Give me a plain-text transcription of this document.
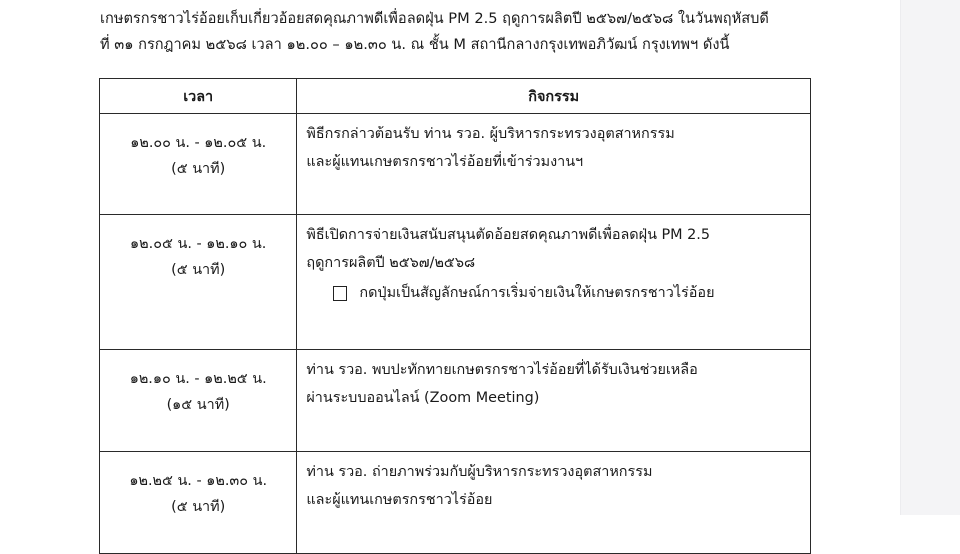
เกษตรกรชาวไร่อ้อยเก็บเกี่ยวอ้อยสดคุณภาพดีเพื่อลดฝุ่น PM 2.5 ฤดูการผลิตปี ๒๕๖๗/๒๕๖๘ ในวันพฤหัสบดี

ที่ ๓๑ กรกฎาคม ๒๕๖๘ เวลา ๑๒.๐๐ – ๑๒.๓๐ น. ณ ชั้น M สถานีกลางกรุงเทพอภิวัฒน์ กรุงเทพฯ ดังนี้

เวลา	กิจกรรม

๑๒.๐๐ น. - ๑๒.๐๕ น.
(๕ นาที)	พิธีกรกล่าวต้อนรับ ท่าน รวอ. ผู้บริหารกระทรวงอุตสาหกรรม
และผู้แทนเกษตรกรชาวไร่อ้อยที่เข้าร่วมงานฯ

๑๒.๐๕ น. - ๑๒.๑๐ น.
(๕ นาที)	พิธีเปิดการจ่ายเงินสนับสนุนตัดอ้อยสดคุณภาพดีเพื่อลดฝุ่น PM 2.5
ฤดูการผลิตปี ๒๕๖๗/๒๕๖๘
กดปุ่มเป็นสัญลักษณ์การเริ่มจ่ายเงินให้เกษตรกรชาวไร่อ้อย

๑๒.๑๐ น. - ๑๒.๒๕ น.
(๑๕ นาที)	ท่าน รวอ. พบปะทักทายเกษตรกรชาวไร่อ้อยที่ได้รับเงินช่วยเหลือ
ผ่านระบบออนไลน์ (Zoom Meeting)

๑๒.๒๕ น. - ๑๒.๓๐ น.
(๕ นาที)	ท่าน รวอ. ถ่ายภาพร่วมกับผู้บริหารกระทรวงอุตสาหกรรม
และผู้แทนเกษตรกรชาวไร่อ้อย
